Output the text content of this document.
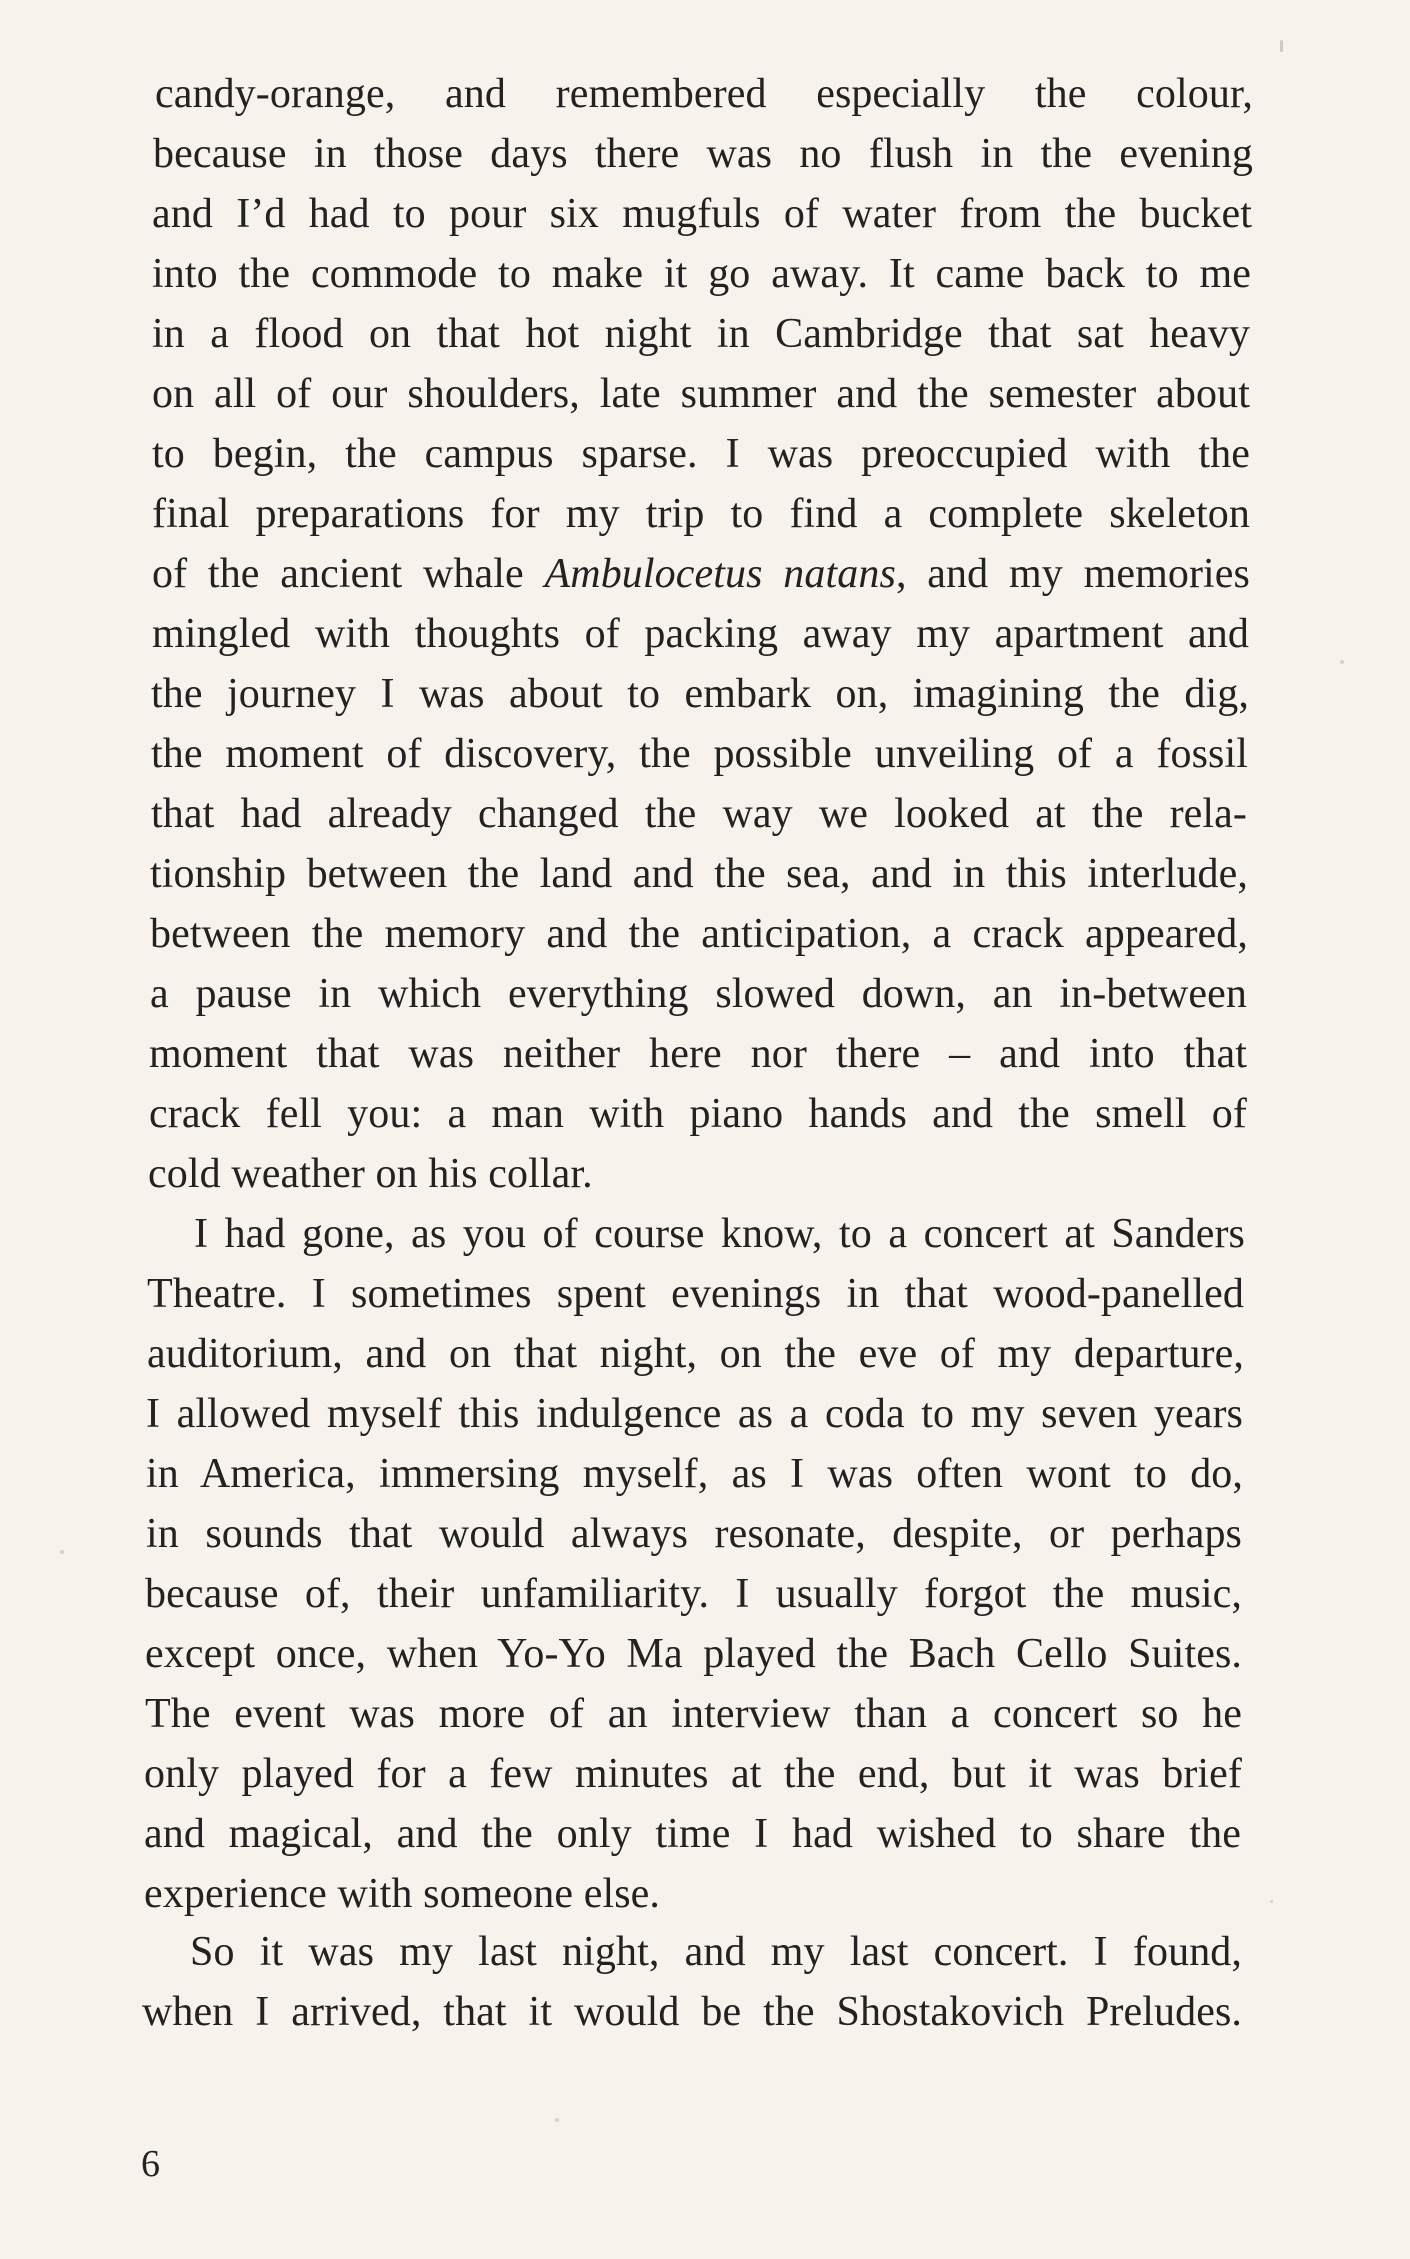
candy-orange, and remembered especially the colour,
because in those days there was no flush in the evening
and I’d had to pour six mugfuls of water from the bucket
into the commode to make it go away. It came back to me
in a flood on that hot night in Cambridge that sat heavy
on all of our shoulders, late summer and the semester about
to begin, the campus sparse. I was preoccupied with the
final preparations for my trip to find a complete skeleton
of the ancient whale Ambulocetus natans, and my memories
mingled with thoughts of packing away my apartment and
the journey I was about to embark on, imagining the dig,
the moment of discovery, the possible unveiling of a fossil
that had already changed the way we looked at the rela-
tionship between the land and the sea, and in this interlude,
between the memory and the anticipation, a crack appeared,
a pause in which everything slowed down, an in-between
moment that was neither here nor there – and into that
crack fell you: a man with piano hands and the smell of
cold weather on his collar.
I had gone, as you of course know, to a concert at Sanders
Theatre. I sometimes spent evenings in that wood-panelled
auditorium, and on that night, on the eve of my departure,
I allowed myself this indulgence as a coda to my seven years
in America, immersing myself, as I was often wont to do,
in sounds that would always resonate, despite, or perhaps
because of, their unfamiliarity. I usually forgot the music,
except once, when Yo-Yo Ma played the Bach Cello Suites.
The event was more of an interview than a concert so he
only played for a few minutes at the end, but it was brief
and magical, and the only time I had wished to share the
experience with someone else.
So it was my last night, and my last concert. I found,
when I arrived, that it would be the Shostakovich Preludes.
6
